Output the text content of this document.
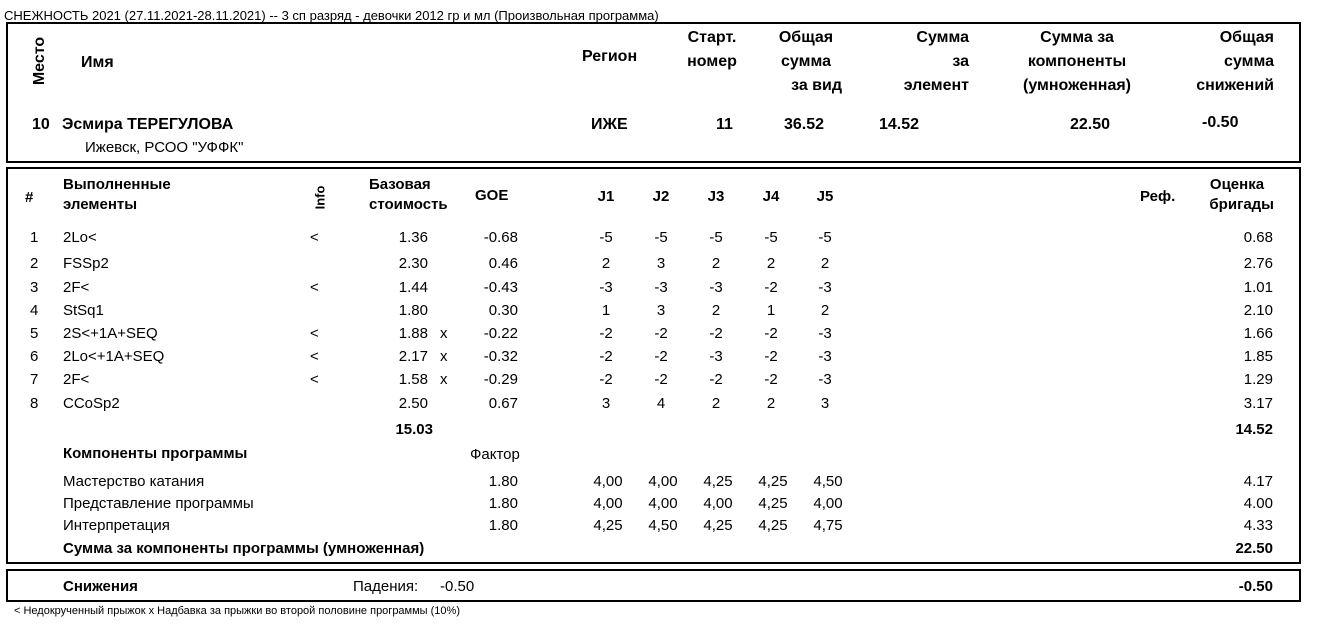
СНЕЖНОСТЬ 2021 (27.11.2021-28.11.2021) -- 3 сп разряд - девочки 2012 гр и мл (Произвольная программа)
Место Имя	Регион
Старт.
номер
Общая
сумма
за вид
Сумма
за
элемент
Сумма за
компоненты
(умноженная)
Общая
сумма
снижений
10 Эсмира ТЕРЕГУЛОВА
Ижевск, РСОО "УФФК"
ИЖЕ	11	36.52	14.52	22.50	-0.50
#
Выполненные
элементы	Info
Базовая
стоимость
GOE	J1	J2	J3	J4	J5	Реф.
Оценка
бригады
1 2Lo<	<	1.36	-0.68	-5	-5	-5	-5	-5	0.68
2 FSSp2	2.30	0.46	2	3	2	2	2	2.76
3 2F<	<	1.44	-0.43	-3	-3	-3	-2	-3	1.01
4 StSq1	1.80	0.30	1	3	2	1	2	2.10
5 2S<+1A+SEQ	<	1.88 x	-0.22	-2	-2	-2	-2	-3	1.66
6 2Lo<+1A+SEQ	<	2.17 x	-0.32	-2	-2	-3	-2	-3	1.85
7 2F<	<	1.58 x	-0.29	-2	-2	-2	-2	-3	1.29
8 CCoSp2	2.50	0.67	3	4	2	2	3	3.17
15.03	14.52
Компоненты программы	Фактор
Мастерство катания	1.80	4,00 4,00 4,25 4,25 4,50	4.17
Представление программы	1.80	4,00 4,00 4,00 4,25 4,00	4.00
Интерпретация	1.80	4,25 4,50 4,25 4,25 4,75	4.33
Сумма за компоненты программы (умноженная)	22.50
Снижения	Падения: -0.50	-0.50
< Недокрученный прыжок x Надбавка за прыжки во второй половине программы (10%)
